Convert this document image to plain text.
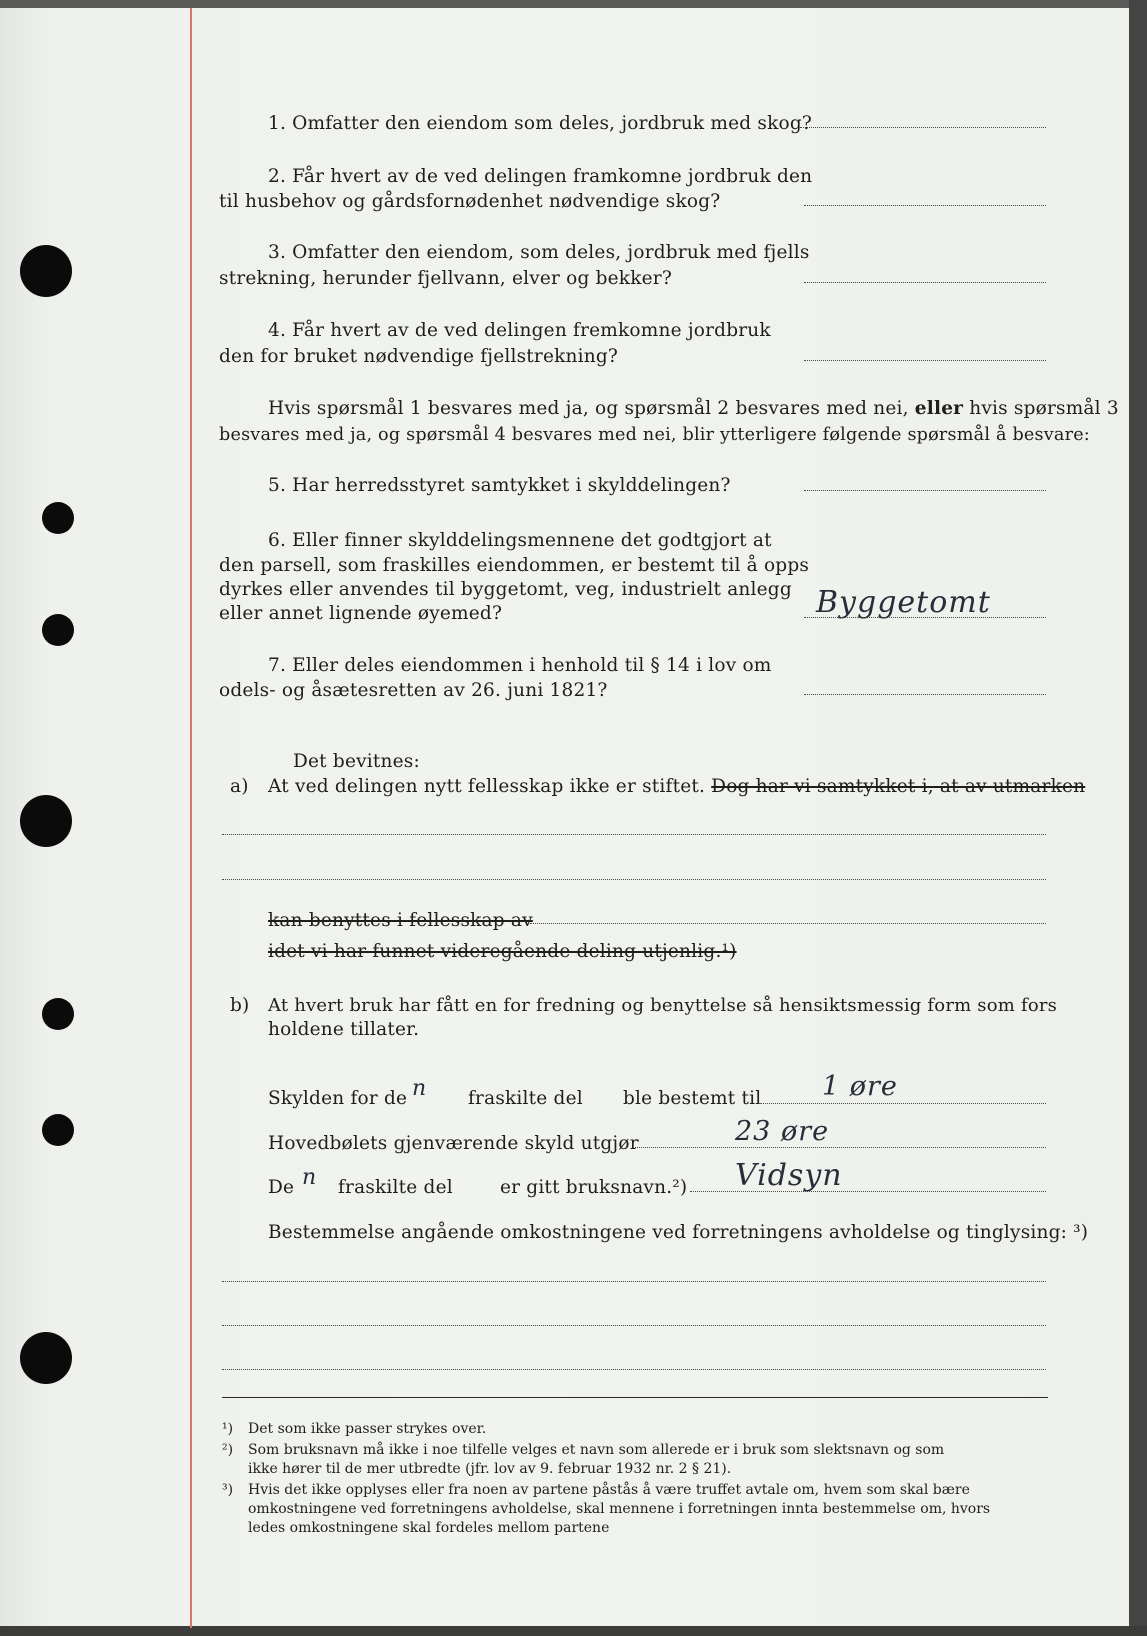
1. Omfatter den eiendom som deles, jordbruk med skog?
2. Får hvert av de ved delingen framkomne jordbruk den
til husbehov og gårdsfornødenhet nødvendige skog?
3. Omfatter den eiendom, som deles, jordbruk med fjells
strekning, herunder fjellvann, elver og bekker?
4. Får hvert av de ved delingen fremkomne jordbruk
den for bruket nødvendige fjellstrekning?
Hvis spørsmål 1 besvares med ja, og spørsmål 2 besvares med nei, eller hvis spørsmål 3
besvares med ja, og spørsmål 4 besvares med nei, blir ytterligere følgende spørsmål å besvare:
5. Har herredsstyret samtykket i skylddelingen?
6. Eller finner skylddelingsmennene det godtgjort at
den parsell, som fraskilles eiendommen, er bestemt til å opps
dyrkes eller anvendes til byggetomt, veg, industrielt anlegg
eller annet lignende øyemed?	Byggetomt
7. Eller deles eiendommen i henhold til § 14 i lov om
odels- og åsætesretten av 26. juni 1821?
Det bevitnes:
a) At ved delingen nytt fellesskap ikke er stiftet. Dog har vi samtykket i, at av utmarken
kan benyttes i fellesskap av
idet vi har funnet videregående deling utjenlig.¹)
b) At hvert bruk har fått en for fredning og benyttelse så hensiktsmessig form som fors
holdene tillater.
Skylden for de n fraskilte del ble bestemt til 1 øre
Hovedbølets gjenværende skyld utgjør	23 øre
De n fraskilte del	er gitt bruksnavn.²) Vidsyn
Bestemmelse angående omkostningene ved forretningens avholdelse og tinglysing: ³)
¹) Det som ikke passer strykes over.
²) Som bruksnavn må ikke i noe tilfelle velges et navn som allerede er i bruk som slektsnavn og som
ikke hører til de mer utbredte (jfr. lov av 9. februar 1932 nr. 2 § 21).
³) Hvis det ikke opplyses eller fra noen av partene påstås å være truffet avtale om, hvem som skal bære
omkostningene ved forretningens avholdelse, skal mennene i forretningen innta bestemmelse om, hvors
ledes omkostningene skal fordeles mellom partene
